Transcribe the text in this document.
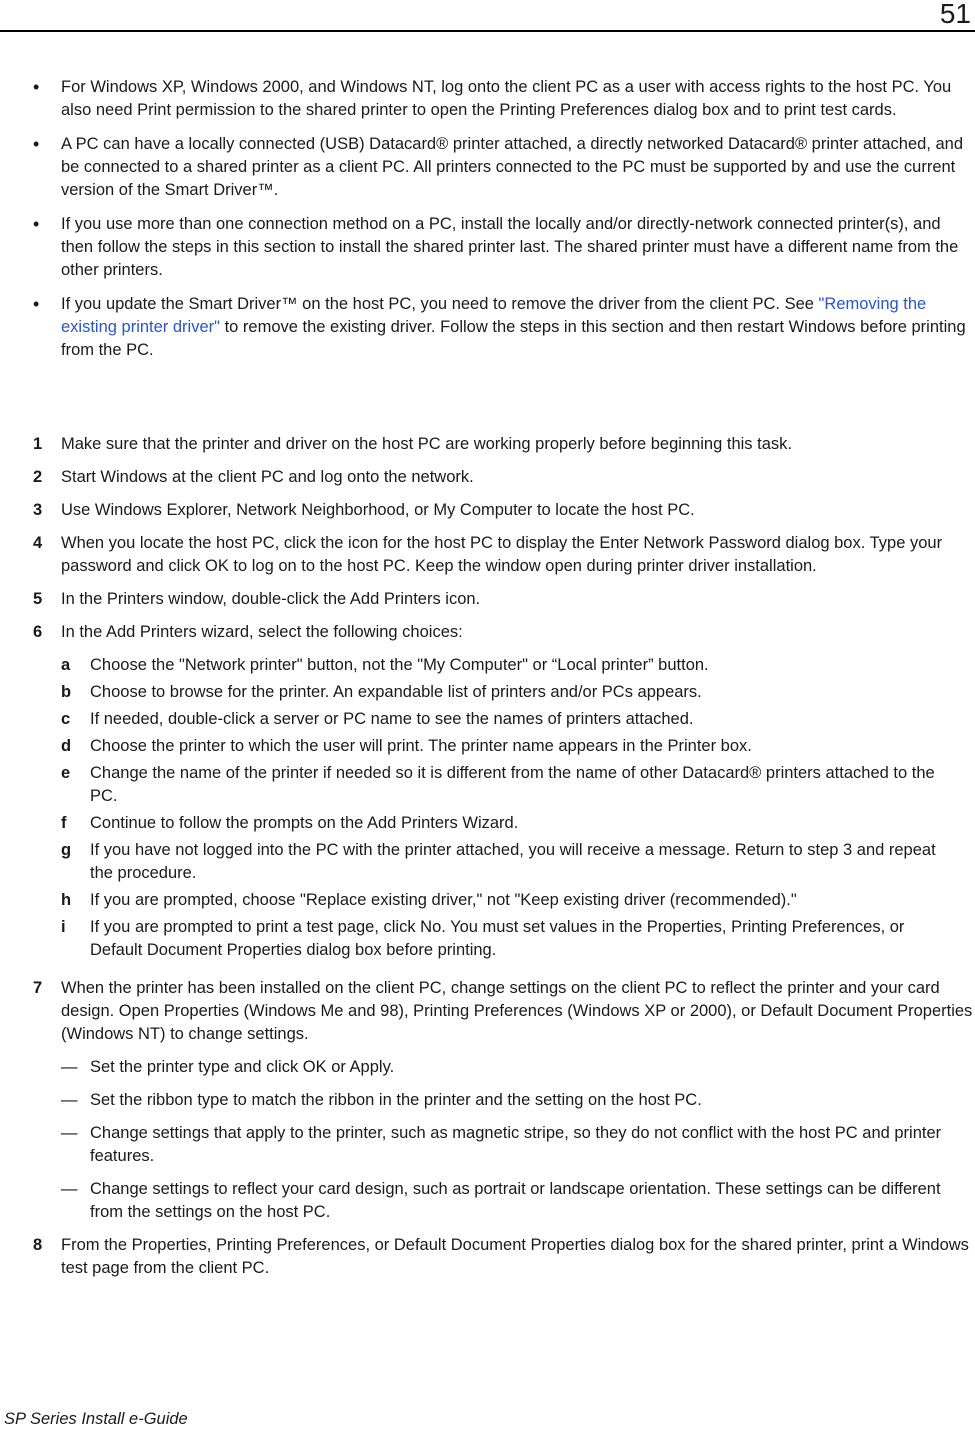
51
• For Windows XP, Windows 2000, and Windows NT, log onto the client PC as a user with access rights to the host PC. You also need Print permission to the shared printer to open the Printing Preferences dialog box and to print test cards.
• A PC can have a locally connected (USB) Datacard® printer attached, a directly networked Datacard® printer attached, and be connected to a shared printer as a client PC. All printers connected to the PC must be supported by and use the current version of the Smart Driver™.
• If you use more than one connection method on a PC, install the locally and/or directly-network connected printer(s), and then follow the steps in this section to install the shared printer last. The shared printer must have a different name from the other printers.
• If you update the Smart Driver™ on the host PC, you need to remove the driver from the client PC. See "Removing the existing printer driver" to remove the existing driver. Follow the steps in this section and then restart Windows before printing from the PC.
1 Make sure that the printer and driver on the host PC are working properly before beginning this task.
2 Start Windows at the client PC and log onto the network.
3 Use Windows Explorer, Network Neighborhood, or My Computer to locate the host PC.
4 When you locate the host PC, click the icon for the host PC to display the Enter Network Password dialog box. Type your password and click OK to log on to the host PC. Keep the window open during printer driver installation.
5 In the Printers window, double-click the Add Printers icon.
6 In the Add Printers wizard, select the following choices:
a Choose the "Network printer" button, not the "My Computer" or “Local printer” button.
b Choose to browse for the printer. An expandable list of printers and/or PCs appears.
c If needed, double-click a server or PC name to see the names of printers attached.
d Choose the printer to which the user will print. The printer name appears in the Printer box.
e Change the name of the printer if needed so it is different from the name of other Datacard® printers attached to the PC.
f Continue to follow the prompts on the Add Printers Wizard.
g If you have not logged into the PC with the printer attached, you will receive a message. Return to step 3 and repeat the procedure.
h If you are prompted, choose "Replace existing driver," not "Keep existing driver (recommended)."
i If you are prompted to print a test page, click No. You must set values in the Properties, Printing Preferences, or Default Document Properties dialog box before printing.
7 When the printer has been installed on the client PC, change settings on the client PC to reflect the printer and your card design. Open Properties (Windows Me and 98), Printing Preferences (Windows XP or 2000), or Default Document Properties (Windows NT) to change settings.
— Set the printer type and click OK or Apply.
— Set the ribbon type to match the ribbon in the printer and the setting on the host PC.
— Change settings that apply to the printer, such as magnetic stripe, so they do not conflict with the host PC and printer features.
— Change settings to reflect your card design, such as portrait or landscape orientation. These settings can be different from the settings on the host PC.
8 From the Properties, Printing Preferences, or Default Document Properties dialog box for the shared printer, print a Windows test page from the client PC.
SP Series Install e-Guide
